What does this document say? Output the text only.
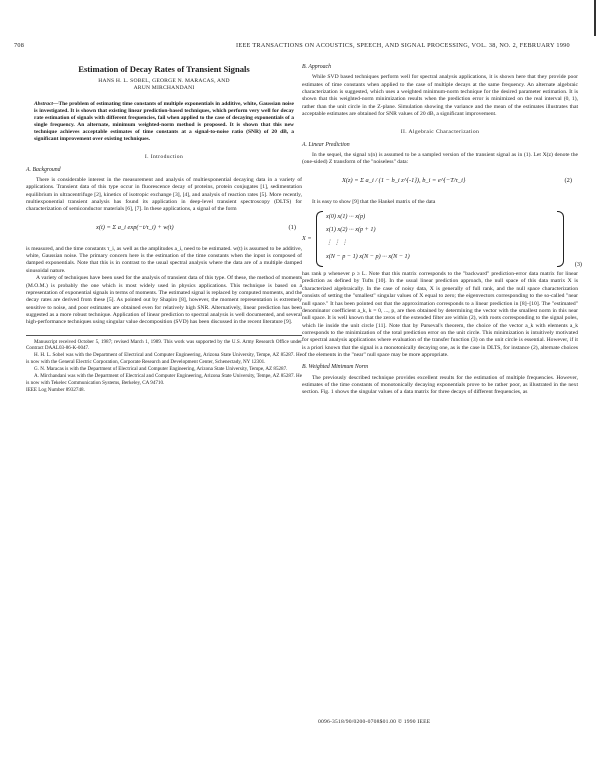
708	IEEE TRANSACTIONS ON ACOUSTICS, SPEECH, AND SIGNAL PROCESSING, VOL. 38, NO. 2, FEBRUARY 1990
Estimation of Decay Rates of Transient Signals
HANS H. L. SOBEL, GEORGE N. MARACAS, AND
ARUN MIRCHANDANI
Abstract—The problem of estimating time constants of multiple exponentials in additive, white, Gaussian noise is investigated. It is shown that existing linear prediction-based techniques, which perform very well for decay rate estimation of signals with different frequencies, fail when applied to the case of decaying exponentials of a single frequency. An alternate, minimum weighted-norm method is proposed. It is shown that this new technique achieves acceptable estimates of time constants at a signal-to-noise ratio (SNR) of 20 dB, a significant improvement over existing techniques.
I. Introduction
A. Background

There is considerable interest in the measurement and analysis of multiexponential decaying data in a variety of applications. Transient data of this type occur in fluorescence decay of proteins, protein conjugates [1], sedimentation equilibrium in ultracentrifuge [2], kinetics of isotropic exchange [3], [4], and analysis of reaction rates [5]. More recently, multiexponential transient analysis has found its application in deep-level transient spectroscopy (DLTS) for characterization of semiconductor materials [6], [7]. In these applications, a signal of the form

x(t) = Σ a_i exp(−t/τ_i) + w(t)	(1)

is measured, and the time constants τ_i, as well as the amplitudes a_i, need to be estimated. w(t) is assumed to be additive, white, Gaussian noise. The primary concern here is the estimation of the time constants when the input is composed of damped exponentials. Note that this is in contrast to the usual spectral analysis where the data are of a multiple damped sinusoidal nature.

A variety of techniques have been used for the analysis of transient data of this type. Of these, the method of moments (M.O.M.) is probably the one which is most widely used in physics applications. This technique is based on a representation of exponential signals in terms of moments. The estimated signal is replaced by computed moments, and the decay rates are derived from these [5]. As pointed out by Shapiro [8], however, the moment representation is extremely sensitive to noise, and poor estimates are obtained even for relatively high SNR. Alternatively, linear prediction has been suggested as a more robust technique. Application of linear prediction to spectral analysis is well documented, and several high-performance techniques using singular value decomposition (SVD) has been discussed in the recent literature [9].

Manuscript received October 5, 1987; revised March 1, 1989. This work was supported by the U.S. Army Research Office under Contract DAAL03-86-K-0047.

H. H. L. Sobel was with the Department of Electrical and Computer Engineering, Arizona State University, Tempe, AZ 85287. He is now with the General Electric Corporation, Corporate Research and Development Center, Schenectady, NY 12301.

G. N. Maracas is with the Department of Electrical and Computer Engineering, Arizona State University, Tempe, AZ 85287.

A. Mirchandani was with the Department of Electrical and Computer Engineering, Arizona State University, Tempe, AZ 85287. He is now with Tekelec Communication Systems, Berkeley, CA 94710.

IEEE Log Number 8932748.

B. Approach

While SVD based techniques perform well for spectral analysis applications, it is shown here that they provide poor estimates of time constants when applied to the case of multiple decays at the same frequency. An alternate algebraic characterization is suggested, which uses a weighted minimum-norm technique for the desired parameter estimation. It is shown that this weighted-norm minimization results when the prediction error is minimized on the real interval (0, 1), rather than the unit circle in the Z-plane. Simulation showing the variance and the mean of the estimates illustrates that acceptable estimates are obtained for SNR values of 20 dB, a significant improvement.

II. Algebraic Characterization
A. Linear Prediction

In the sequel, the signal x(n) is assumed to be a sampled version of the transient signal as in (1). Let X(z) denote the (one-sided) Z transform of the "noiseless" data:

X(z) = Σ a_i / (1 − b_i z^{-1}), b_i = e^{−T/τ_i}	(2)

It is easy to show [9] that the Hankel matrix of the data

X =
x(0) x(1) ··· x(p)
x(1) x(2) ··· x(p + 1)
⋮ ⋮ ⋮
x(N − p − 1) x(N − p) ··· x(N − 1)
(3)

has rank p whenever p ≥ L. Note that this matrix corresponds to the "backward" prediction-error data matrix for linear prediction as defined by Tufts [10]. In the usual linear prediction approach, the null space of this data matrix X is characterized algebraically. In the case of noisy data, X is generally of full rank, and the null space characterization consists of setting the "smallest" singular values of X equal to zero; the eigenvectors corresponding to the so-called "near null space." It has been pointed out that the approximation corresponds to a linear prediction in [8]–[10]. The "estimated" denominator coefficient a_k, k = 0, ..., p, are then obtained by determining the vector with the smallest norm in this near null space. It is well known that the zeros of the extended filter are within (2), with roots corresponding to the signal poles, which lie inside the unit circle [11]. Note that by Parseval's theorem, the choice of the vector a_k with elements a_k corresponds to the minimization of the total prediction error on the unit circle. This minimization is intuitively motivated for spectral analysis applications where evaluation of the transfer function (3) on the unit circle is essential. However, if it is a priori known that the signal is a monotonically decaying one, as is the case in DLTS, for instance (2), alternate choices of the elements in the "near" null space may be more appropriate.

B. Weighted Minimum Norm

The previously described technique provides excellent results for the estimation of multiple frequencies. However, estimates of the time constants of monotonically decaying exponentials prove to be rather poor, as illustrated in the next section. Fig. 1 shows the singular values of a data matrix for three decays of different frequencies, as

0096-3518/90/0200-0708$01.00 © 1990 IEEE
